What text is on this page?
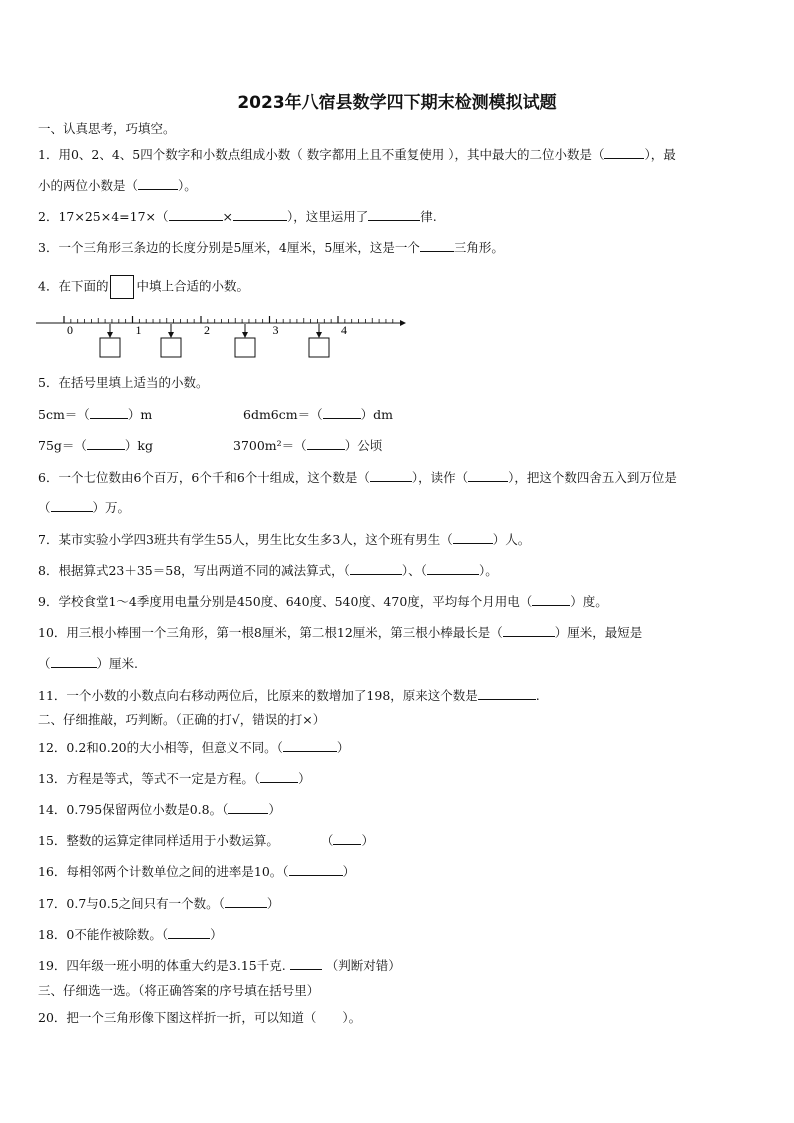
2023年八宿县数学四下期末检测模拟试题
一、认真思考，巧填空。
1．用0、2、4、5四个数字和小数点组成小数（ 数字都用上且不重复使用 ），其中最大的二位小数是（	），最
小的两位小数是（	）。
2．17×25×4=17×（	×	），这里运用了	律.
3．一个三角形三条边的长度分别是5厘米，4厘米，5厘米，这是一个	三角形。
4．在下面的 中填上合适的小数。
0	1	2	3	4
5．在括号里填上适当的小数。
5cm＝（	）m	6dm6cm＝（	）dm
75g＝（	）kg	3700m²＝（	）公顷
6．一个七位数由6个百万，6个千和6个十组成，这个数是（	），读作（	），把这个数四舍五入到万位是
（	）万。
7．某市实验小学四3班共有学生55人，男生比女生多3人，这个班有男生（	）人。
8．根据算式23＋35＝58，写出两道不同的减法算式，（	）、（	）。
9．学校食堂1～4季度用电量分别是450度、640度、540度、470度，平均每个月用电（	）度。
10．用三根小棒围一个三角形，第一根8厘米，第二根12厘米，第三根小棒最长是（	）厘米，最短是
（	）厘米.
11．一个小数的小数点向右移动两位后，比原来的数增加了198，原来这个数是	.
二、仔细推敲，巧判断。（正确的打√，错误的打×）
12．0.2和0.20的大小相等，但意义不同。（	）
13．方程是等式，等式不一定是方程。（	）
14．0.795保留两位小数是0.8。（	）
15．整数的运算定律同样适用于小数运算。	（ ）
16．每相邻两个计数单位之间的进率是10。（	）
17．0.7与0.5之间只有一个数。（	）
18．0不能作被除数。（	）
19．四年级一班小明的体重大约是3.15千克.	（判断对错）
三、仔细选一选。（将正确答案的序号填在括号里）
20．把一个三角形像下图这样折一折，可以知道（ ）。
